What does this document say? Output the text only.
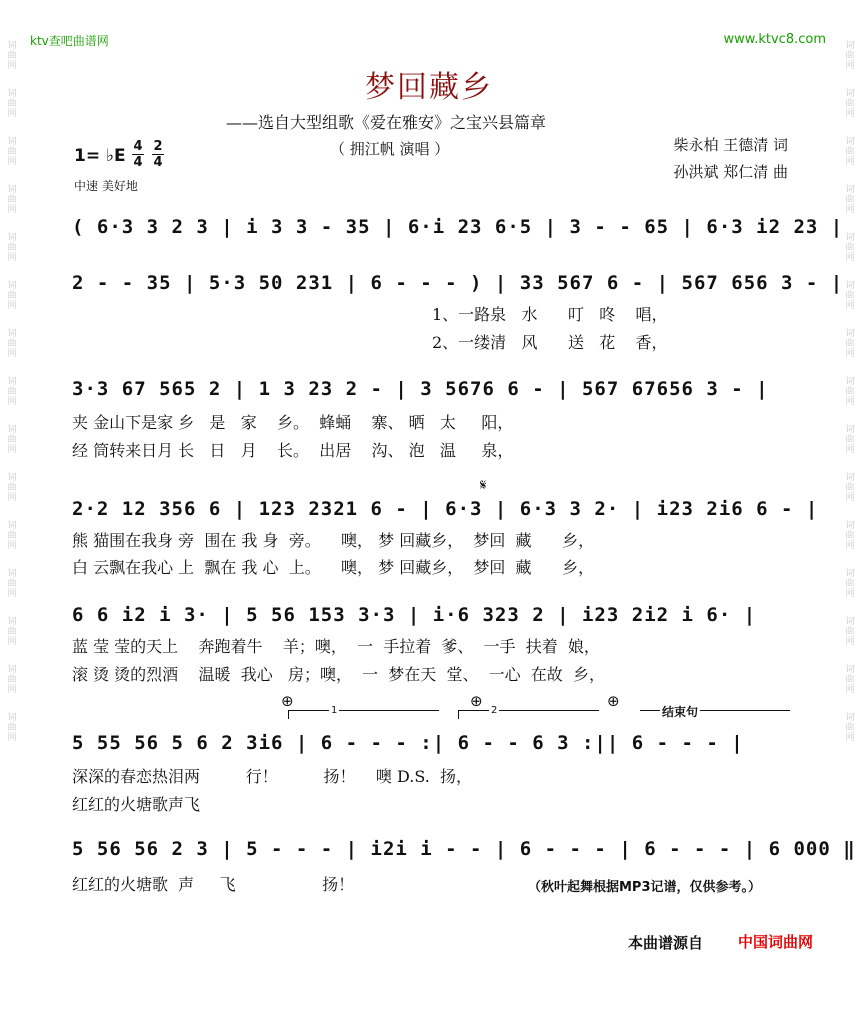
词曲网
词曲网
词曲网
词曲网
词曲网
词曲网
词曲网
词曲网
词曲网
词曲网
词曲网
词曲网
词曲网
词曲网
词曲网
词曲网
词曲网
词曲网
词曲网
词曲网
词曲网
词曲网
词曲网
词曲网
词曲网
词曲网
词曲网
词曲网
词曲网
词曲网
ktv查吧曲谱网	www.ktvc8.com
梦回藏乡
——选自大型组歌《爱在雅安》之宝兴县篇章
（ 拥江帆 演唱 ）	柴永柏 王德清 词
孙洪斌 郑仁清 曲
1= ♭E 4
4
2
4
中速 美好地
( 6·3 3 2 3 | i 3 3 - 35 | 6·i 23 6·5 | 3 - - 65 | 6·3 i2 23 |
2 - - 35 | 5·3 50 231 | 6 - - - ) | 33 567 6 - | 567 656 3 - |
1、一路泉   水      叮   咚    唱，
2、一缕清   风      送   花    香，
3·3 67 565 2 | 1 3 23 2 - | 3 5676 6 - | 567 67656 3 - |
夹 金山下是家 乡   是   家    乡。  蜂蛹    寨、 晒   太     阳，
经 筒转来日月 长   日   月    长。  出居    沟、 泡   温     泉，
𝄋
2·2 12 356 6 | 123 2321 6 - | 6·3 | 6·3 3 2· | i23 2i6 6 - |
熊 猫围在我身 旁  围在 我 身  旁。    噢， 梦 回藏乡，  梦回  藏      乡，
白 云飘在我心 上  飘在 我 心  上。    噢， 梦 回藏乡，  梦回  藏      乡，
6 6 i2 i 3· | 5 56 153 3·3 | i·6 323 2 | i23 2i2 i 6· |
蓝 莹 莹的天上    奔跑着牛    羊；噢，  一  手拉着  爹、  一手  扶着  娘，
滚 烫 烫的烈酒    温暖  我心   房；噢，  一  梦在天  堂、  一心  在故  乡，
⊕	⊕	⊕
1	2	结束句
5 55 56 5 6 2 3i6 | 6 - - - :| 6 - - 6 3 :|| 6 - - - |
深深的春恋热泪两         行！         扬！    噢 D.S.  扬，
红红的火塘歌声飞
5 56 56 2 3 | 5 - - - | i2i i - - | 6 - - - | 6 - - - | 6 000 ‖
红红的火塘歌  声     飞                 扬！	（秋叶起舞根据MP3记谱，仅供参考。）
本曲谱源自 中国词曲网
